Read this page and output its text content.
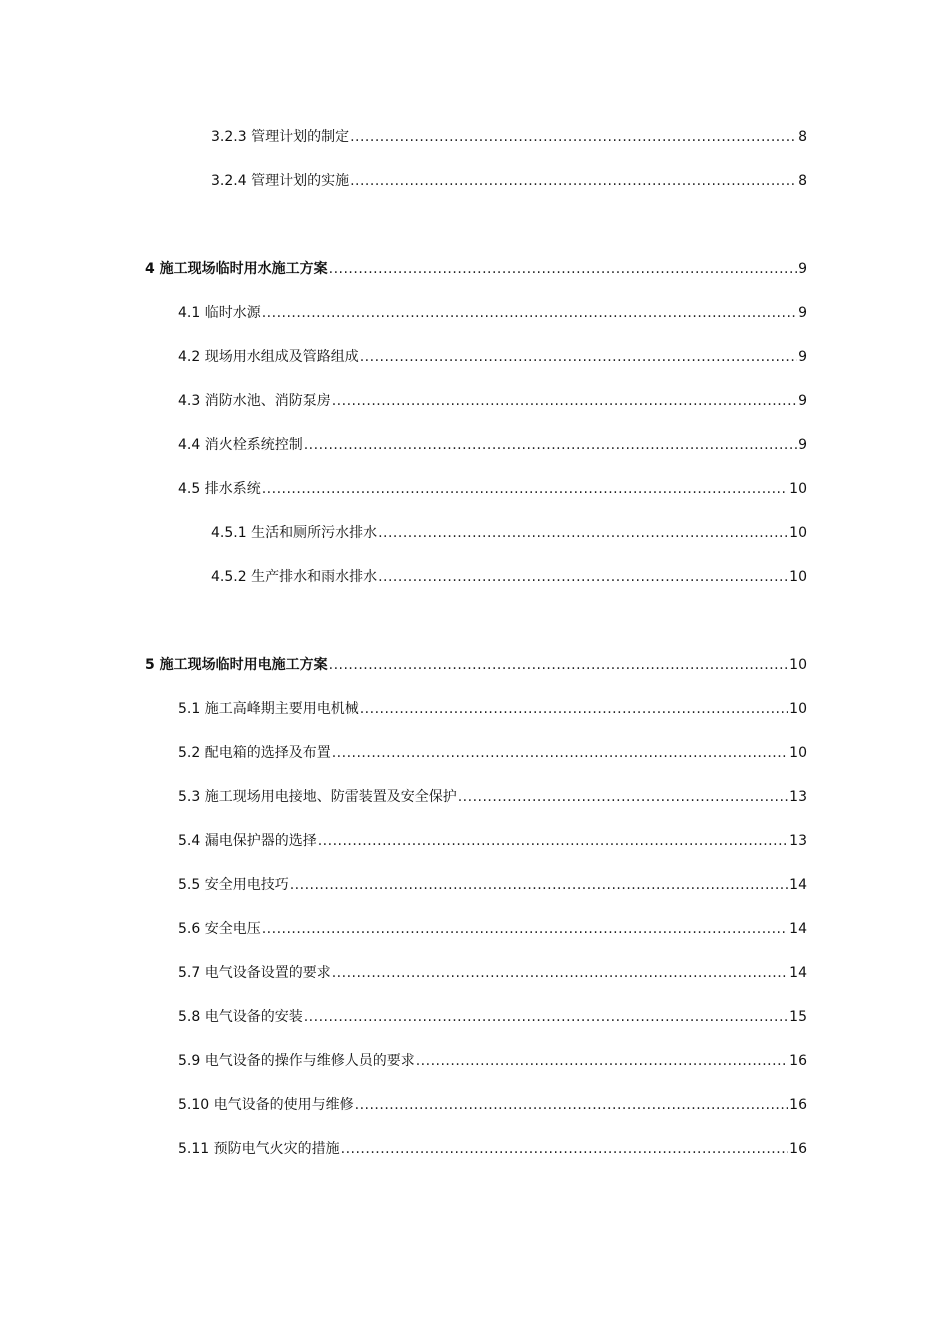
3.2.3 管理计划的制定 .....	8
3.2.4 管理计划的实施 .....	8
4 施工现场临时用水施工方案 .....	9
4.1 临时水源 .....	9
4.2 现场用水组成及管路组成 .....	9
4.3 消防水池、消防泵房 .....	9
4.4 消火栓系统控制 .....	9
4.5 排水系统 .....	10
4.5.1 生活和厕所污水排水 .....	10
4.5.2 生产排水和雨水排水 .....	10
5 施工现场临时用电施工方案 .....	10
5.1 施工高峰期主要用电机械 .....	10
5.2 配电箱的选择及布置 .....	10
5.3 施工现场用电接地、防雷装置及安全保护 .....	13
5.4 漏电保护器的选择 .....	13
5.5 安全用电技巧 .....	14
5.6 安全电压 .....	14
5.7 电气设备设置的要求 .....	14
5.8 电气设备的安装 .....	15
5.9 电气设备的操作与维修人员的要求 .....	16
5.10 电气设备的使用与维修 .....	16
5.11 预防电气火灾的措施 .....	16
